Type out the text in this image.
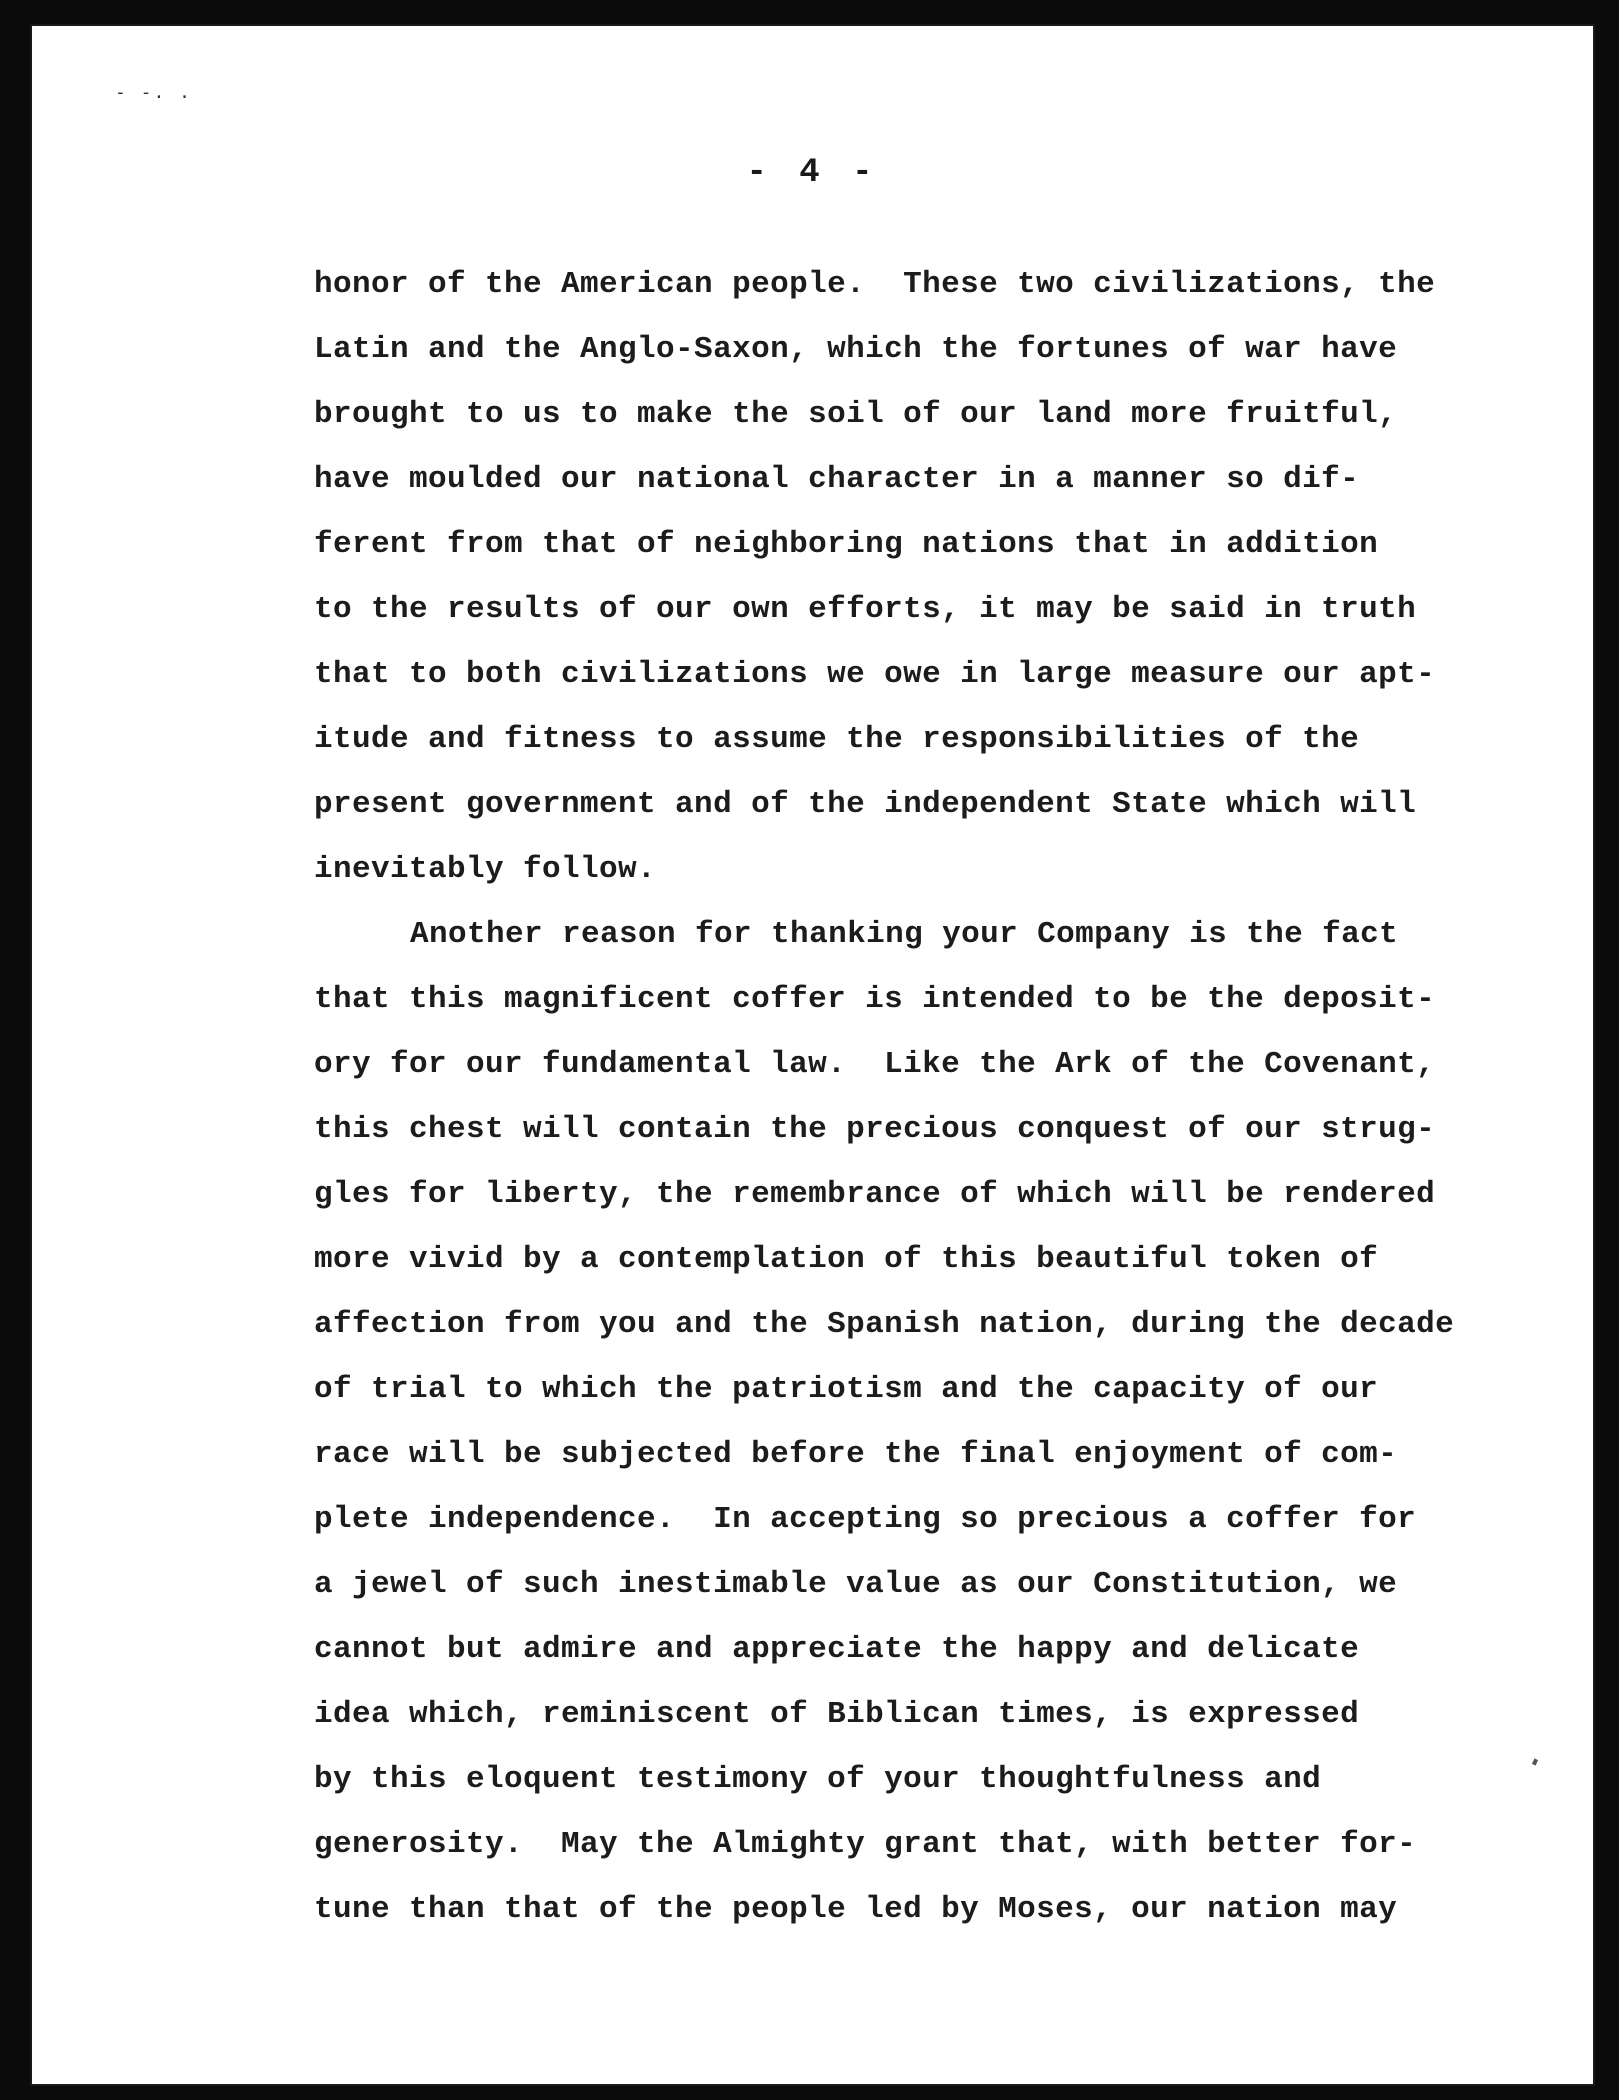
- -. .
- 4 -
honor of the American people.  These two civilizations, the
Latin and the Anglo-Saxon, which the fortunes of war have
brought to us to make the soil of our land more fruitful,
have moulded our national character in a manner so dif-
ferent from that of neighboring nations that in addition
to the results of our own efforts, it may be said in truth
that to both civilizations we owe in large measure our apt-
itude and fitness to assume the responsibilities of the
present government and of the independent State which will
inevitably follow.
Another reason for thanking your Company is the fact
that this magnificent coffer is intended to be the deposit-
ory for our fundamental law.  Like the Ark of the Covenant,
this chest will contain the precious conquest of our strug-
gles for liberty, the remembrance of which will be rendered
more vivid by a contemplation of this beautiful token of
affection from you and the Spanish nation, during the decade
of trial to which the patriotism and the capacity of our
race will be subjected before the final enjoyment of com-
plete independence.  In accepting so precious a coffer for
a jewel of such inestimable value as our Constitution, we
cannot but admire and appreciate the happy and delicate
idea which, reminiscent of Biblican times, is expressed
by this eloquent testimony of your thoughtfulness and
generosity.  May the Almighty grant that, with better for-
tune than that of the people led by Moses, our nation may
